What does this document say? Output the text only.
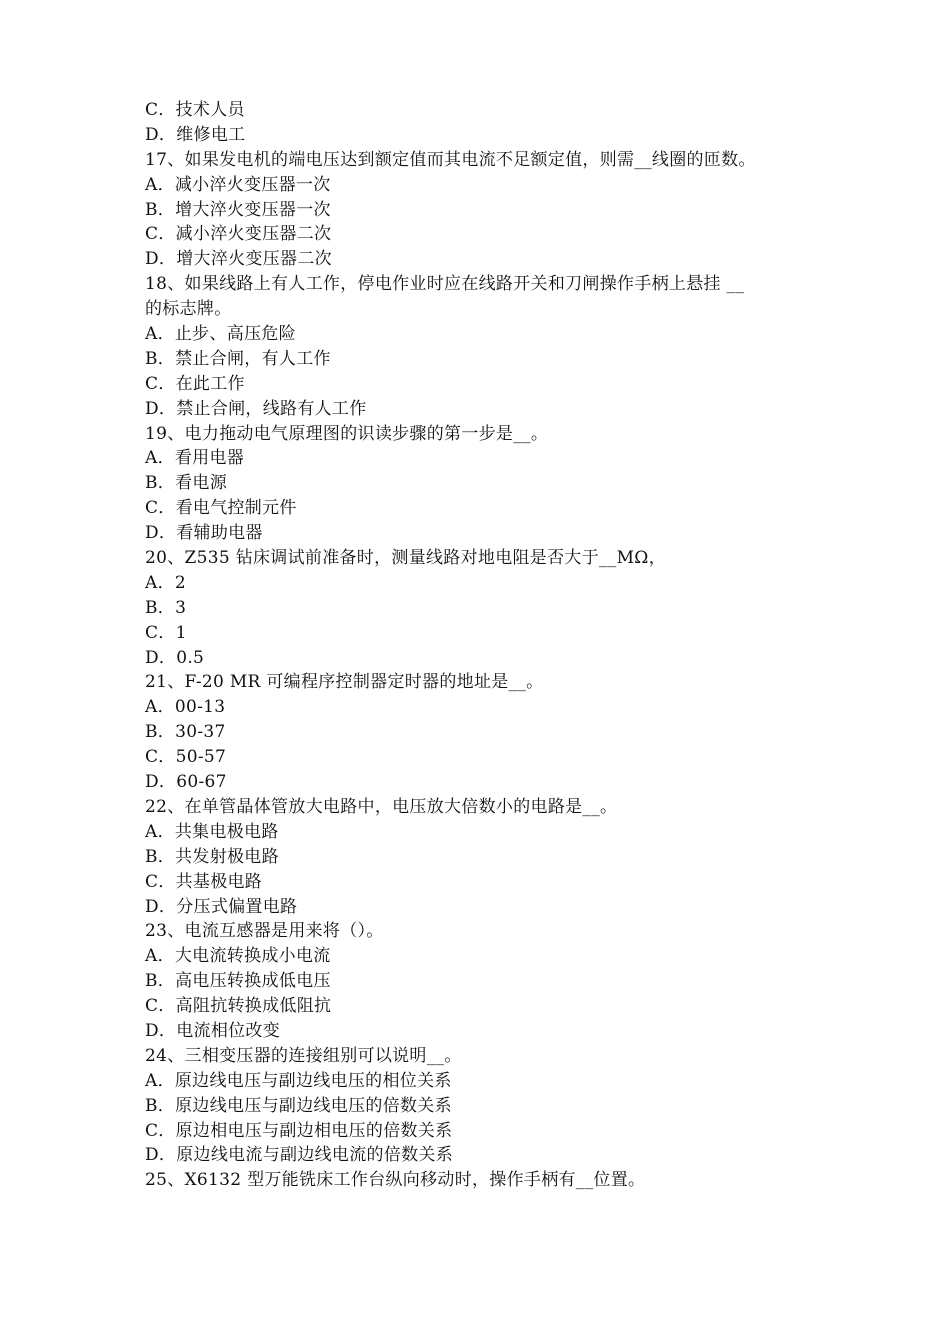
C．技术人员
D．维修电工
17、如果发电机的端电压达到额定值而其电流不足额定值，则需__线圈的匝数。
A．减小淬火变压器一次
B．增大淬火变压器一次
C．减小淬火变压器二次
D．增大淬火变压器二次
18、如果线路上有人工作，停电作业时应在线路开关和刀闸操作手柄上悬挂 __
的标志牌。
A．止步、高压危险
B．禁止合闸，有人工作
C．在此工作
D．禁止合闸，线路有人工作
19、电力拖动电气原理图的识读步骤的第一步是__。
A．看用电器
B．看电源
C．看电气控制元件
D．看辅助电器
20、Z535 钻床调试前准备时，测量线路对地电阻是否大于__MΩ，
A．2
B．3
C．1
D．0.5
21、F-20 MR 可编程序控制器定时器的地址是__。
A．00-13
B．30-37
C．50-57
D．60-67
22、在单管晶体管放大电路中，电压放大倍数小的电路是__。
A．共集电极电路
B．共发射极电路
C．共基极电路
D．分压式偏置电路
23、电流互感器是用来将（）。
A．大电流转换成小电流
B．高电压转换成低电压
C．高阻抗转换成低阻抗
D．电流相位改变
24、三相变压器的连接组别可以说明__。
A．原边线电压与副边线电压的相位关系
B．原边线电压与副边线电压的倍数关系
C．原边相电压与副边相电压的倍数关系
D．原边线电流与副边线电流的倍数关系
25、X6132 型万能铣床工作台纵向移动时，操作手柄有__位置。
